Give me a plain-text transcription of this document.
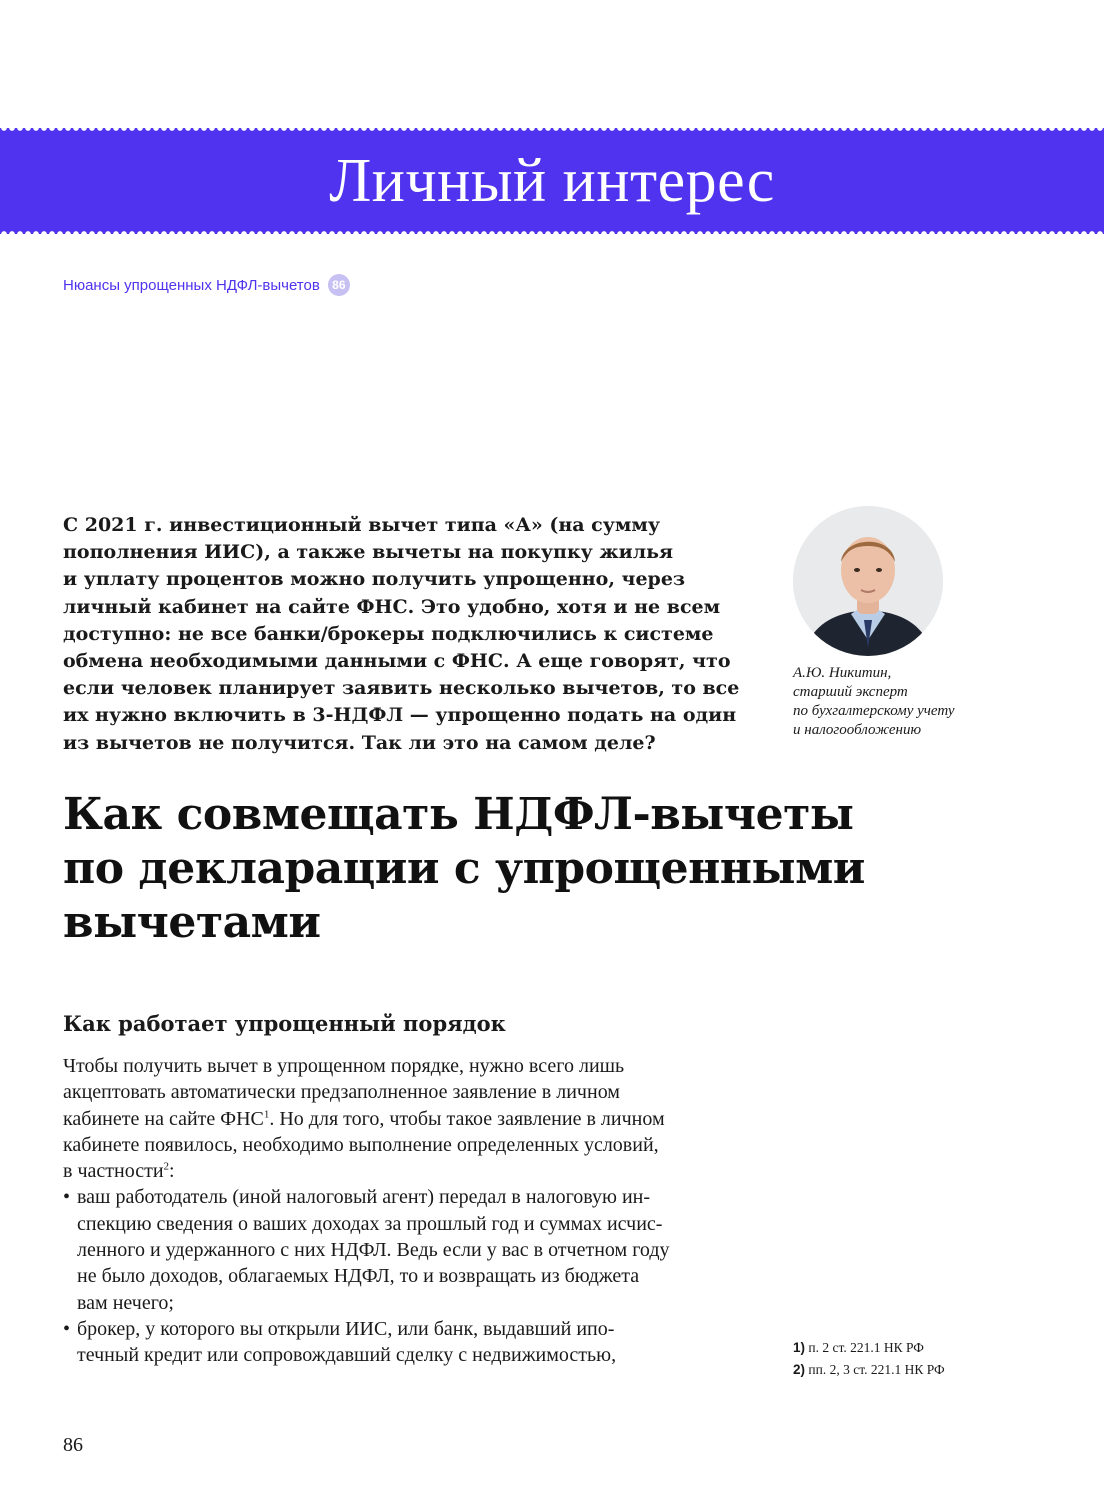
Личный интерес
Нюансы упрощенных НДФЛ-вычетов	86
С 2021 г. инвестиционный вычет типа «А» (на сумму
пополнения ИИС), а также вычеты на покупку жилья
и уплату процентов можно получить упрощенно, через
личный кабинет на сайте ФНС. Это удобно, хотя и не всем
доступно: не все банки/брокеры подключились к системе
обмена необходимыми данными с ФНС. А еще говорят, что
если человек планирует заявить несколько вычетов, то все
их нужно включить в 3-НДФЛ — упрощенно подать на один
из вычетов не получится. Так ли это на самом деле?
А.Ю. Никитин,
старший эксперт
по бухгалтерскому учету
и налогообложению
Как совмещать НДФЛ-вычеты
по декларации с упрощенными
вычетами
Как работает упрощенный порядок
Чтобы получить вычет в упрощенном порядке, нужно всего лишь
акцептовать автоматически предзаполненное заявление в личном
кабинете на сайте ФНС$^1$. Но для того, чтобы такое заявление в личном
кабинете появилось, необходимо выполнение определенных условий,
в частности$^2$:
• ваш работодатель (иной налоговый агент) передал в налоговую ин-
спекцию сведения о ваших доходах за прошлый год и суммах исчис-
ленного и удержанного с них НДФЛ. Ведь если у вас в отчетном году
не было доходов, облагаемых НДФЛ, то и возвращать из бюджета
вам нечего;
• брокер, у которого вы открыли ИИС, или банк, выдавший ипо-
течный кредит или сопровождавший сделку с недвижимостью,	1) п. 2 ст. 221.1 НК РФ
2) пп. 2, 3 ст. 221.1 НК РФ
86
